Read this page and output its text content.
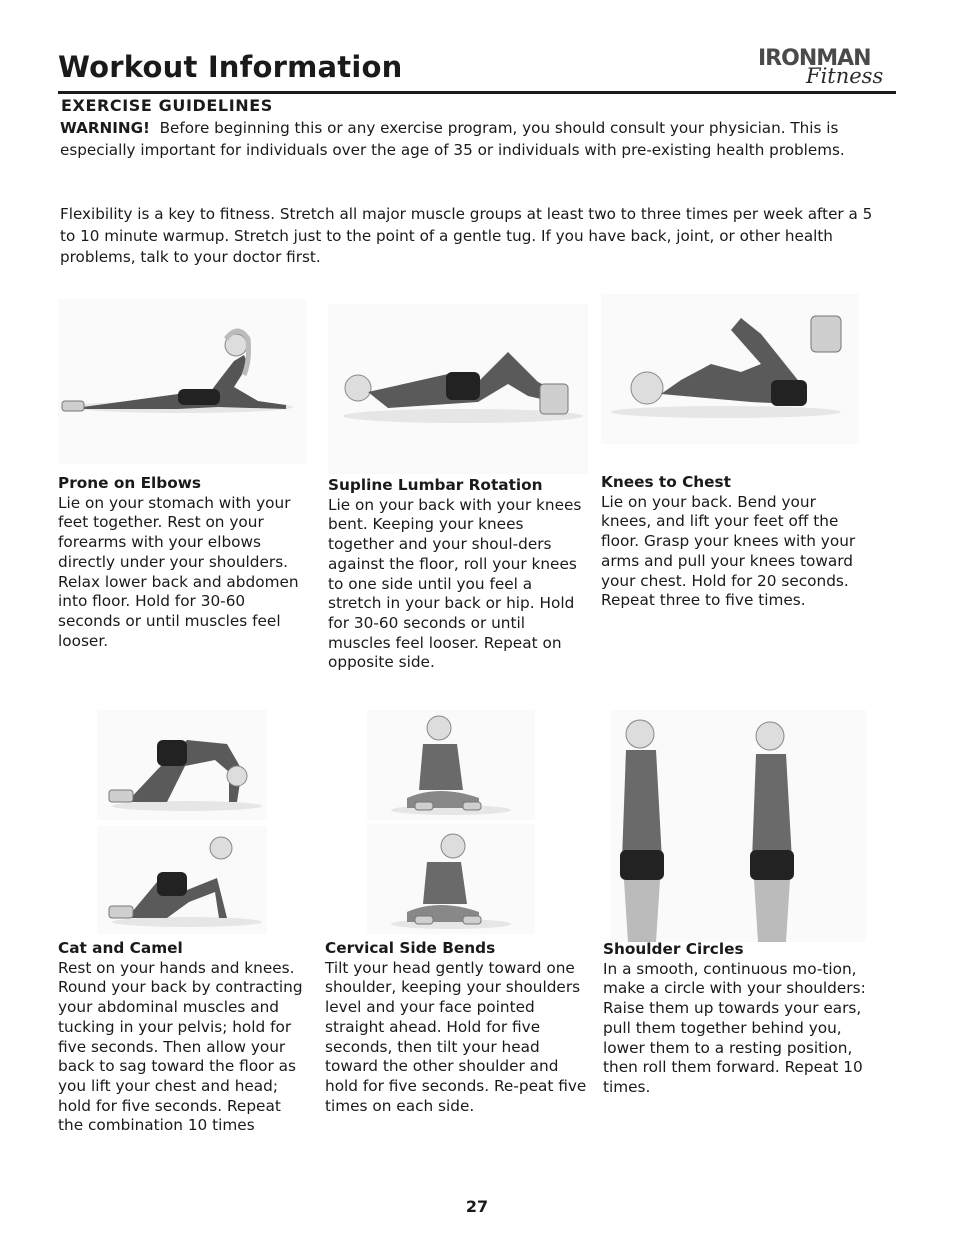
Workout Information	IRONMAN
Fitness
EXERCISE GUIDELINES
WARNING! Before beginning this or any exercise program, you should consult your physician. This is especially important for individuals over the age of 35 or individuals with pre-existing health problems.
Flexibility is a key to fitness. Stretch all major muscle groups at least two to three times per week after a 5 to 10 minute warmup. Stretch just to the point of a gentle tug. If you have back, joint, or other health problems, talk to your doctor first.
Prone on Elbows
Lie on your stomach with your feet together. Rest on your forearms with your elbows directly under your shoulders. Relax lower back and abdomen into floor. Hold for 30-60 seconds or until muscles feel looser.
Supline Lumbar Rotation
Lie on your back with your knees bent. Keeping your knees together and your shoul-ders against the floor, roll your knees to one side until you feel a stretch in your back or hip. Hold for 30-60 seconds or until muscles feel looser. Repeat on opposite side.
Knees to Chest
Lie on your back. Bend your knees, and lift your feet off the floor. Grasp your knees with your arms and pull your knees toward your chest. Hold for 20 seconds. Repeat three to five times.
Cat and Camel
Rest on your hands and knees. Round your back by contracting your abdominal muscles and tucking in your pelvis; hold for five seconds. Then allow your back to sag toward the floor as you lift your chest and head; hold for five seconds. Repeat the combination 10 times
Cervical Side Bends
Tilt your head gently toward one shoulder, keeping your shoulders level and your face pointed straight ahead. Hold for five seconds, then tilt your head toward the other shoulder and hold for five seconds. Re-peat five times on each side.
Shoulder Circles
In a smooth, continuous mo-tion, make a circle with your shoulders: Raise them up towards your ears, pull them together behind you, lower them to a resting position, then roll them forward. Repeat 10 times.
27
